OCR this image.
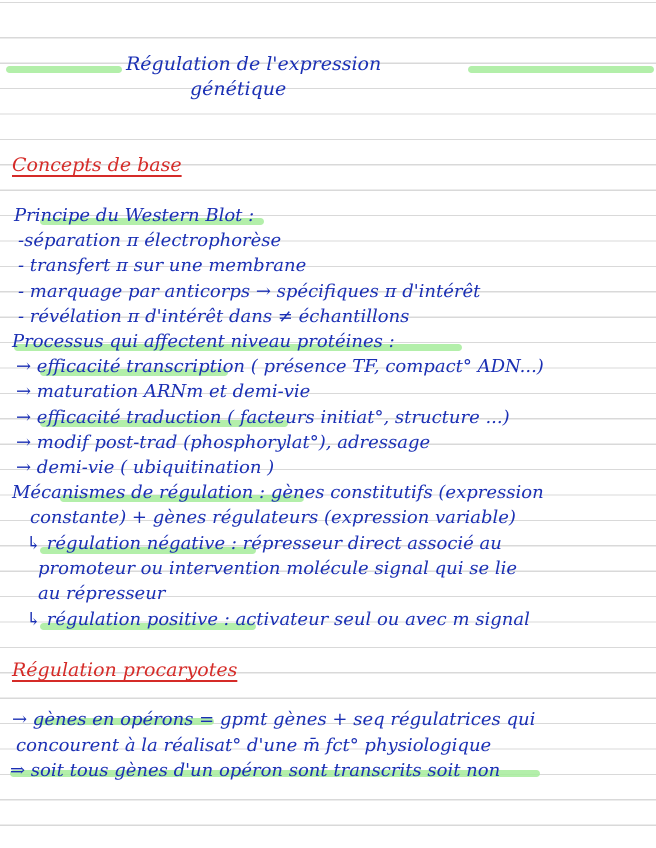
Régulation de l'expression
génétique
Concepts de base
Principe du Western Blot :
-séparation π électrophorèse
- transfert π sur une membrane
- marquage par anticorps → spécifiques π d'intérêt
- révélation π d'intérêt dans ≠ échantillons
Processus qui affectent niveau protéines :
→ efficacité transcription ( présence TF, compact° ADN...)
→ maturation ARNm et demi-vie
→ efficacité traduction ( facteurs initiat°, structure ...)
→ modif post-trad (phosphorylat°), adressage
→ demi-vie ( ubiquitination )
Mécanismes de régulation : gènes constitutifs (expression
constante) + gènes régulateurs (expression variable)
↳ régulation négative : répresseur direct associé au
promoteur ou intervention molécule signal qui se lie
au répresseur
↳ régulation positive : activateur seul ou avec m signal
Régulation procaryotes
→ gènes en opérons = gpmt gènes + seq régulatrices qui
concourent à la réalisat° d'une m̄ fct° physiologique
⇒ soit tous gènes d'un opéron sont transcrits soit non
